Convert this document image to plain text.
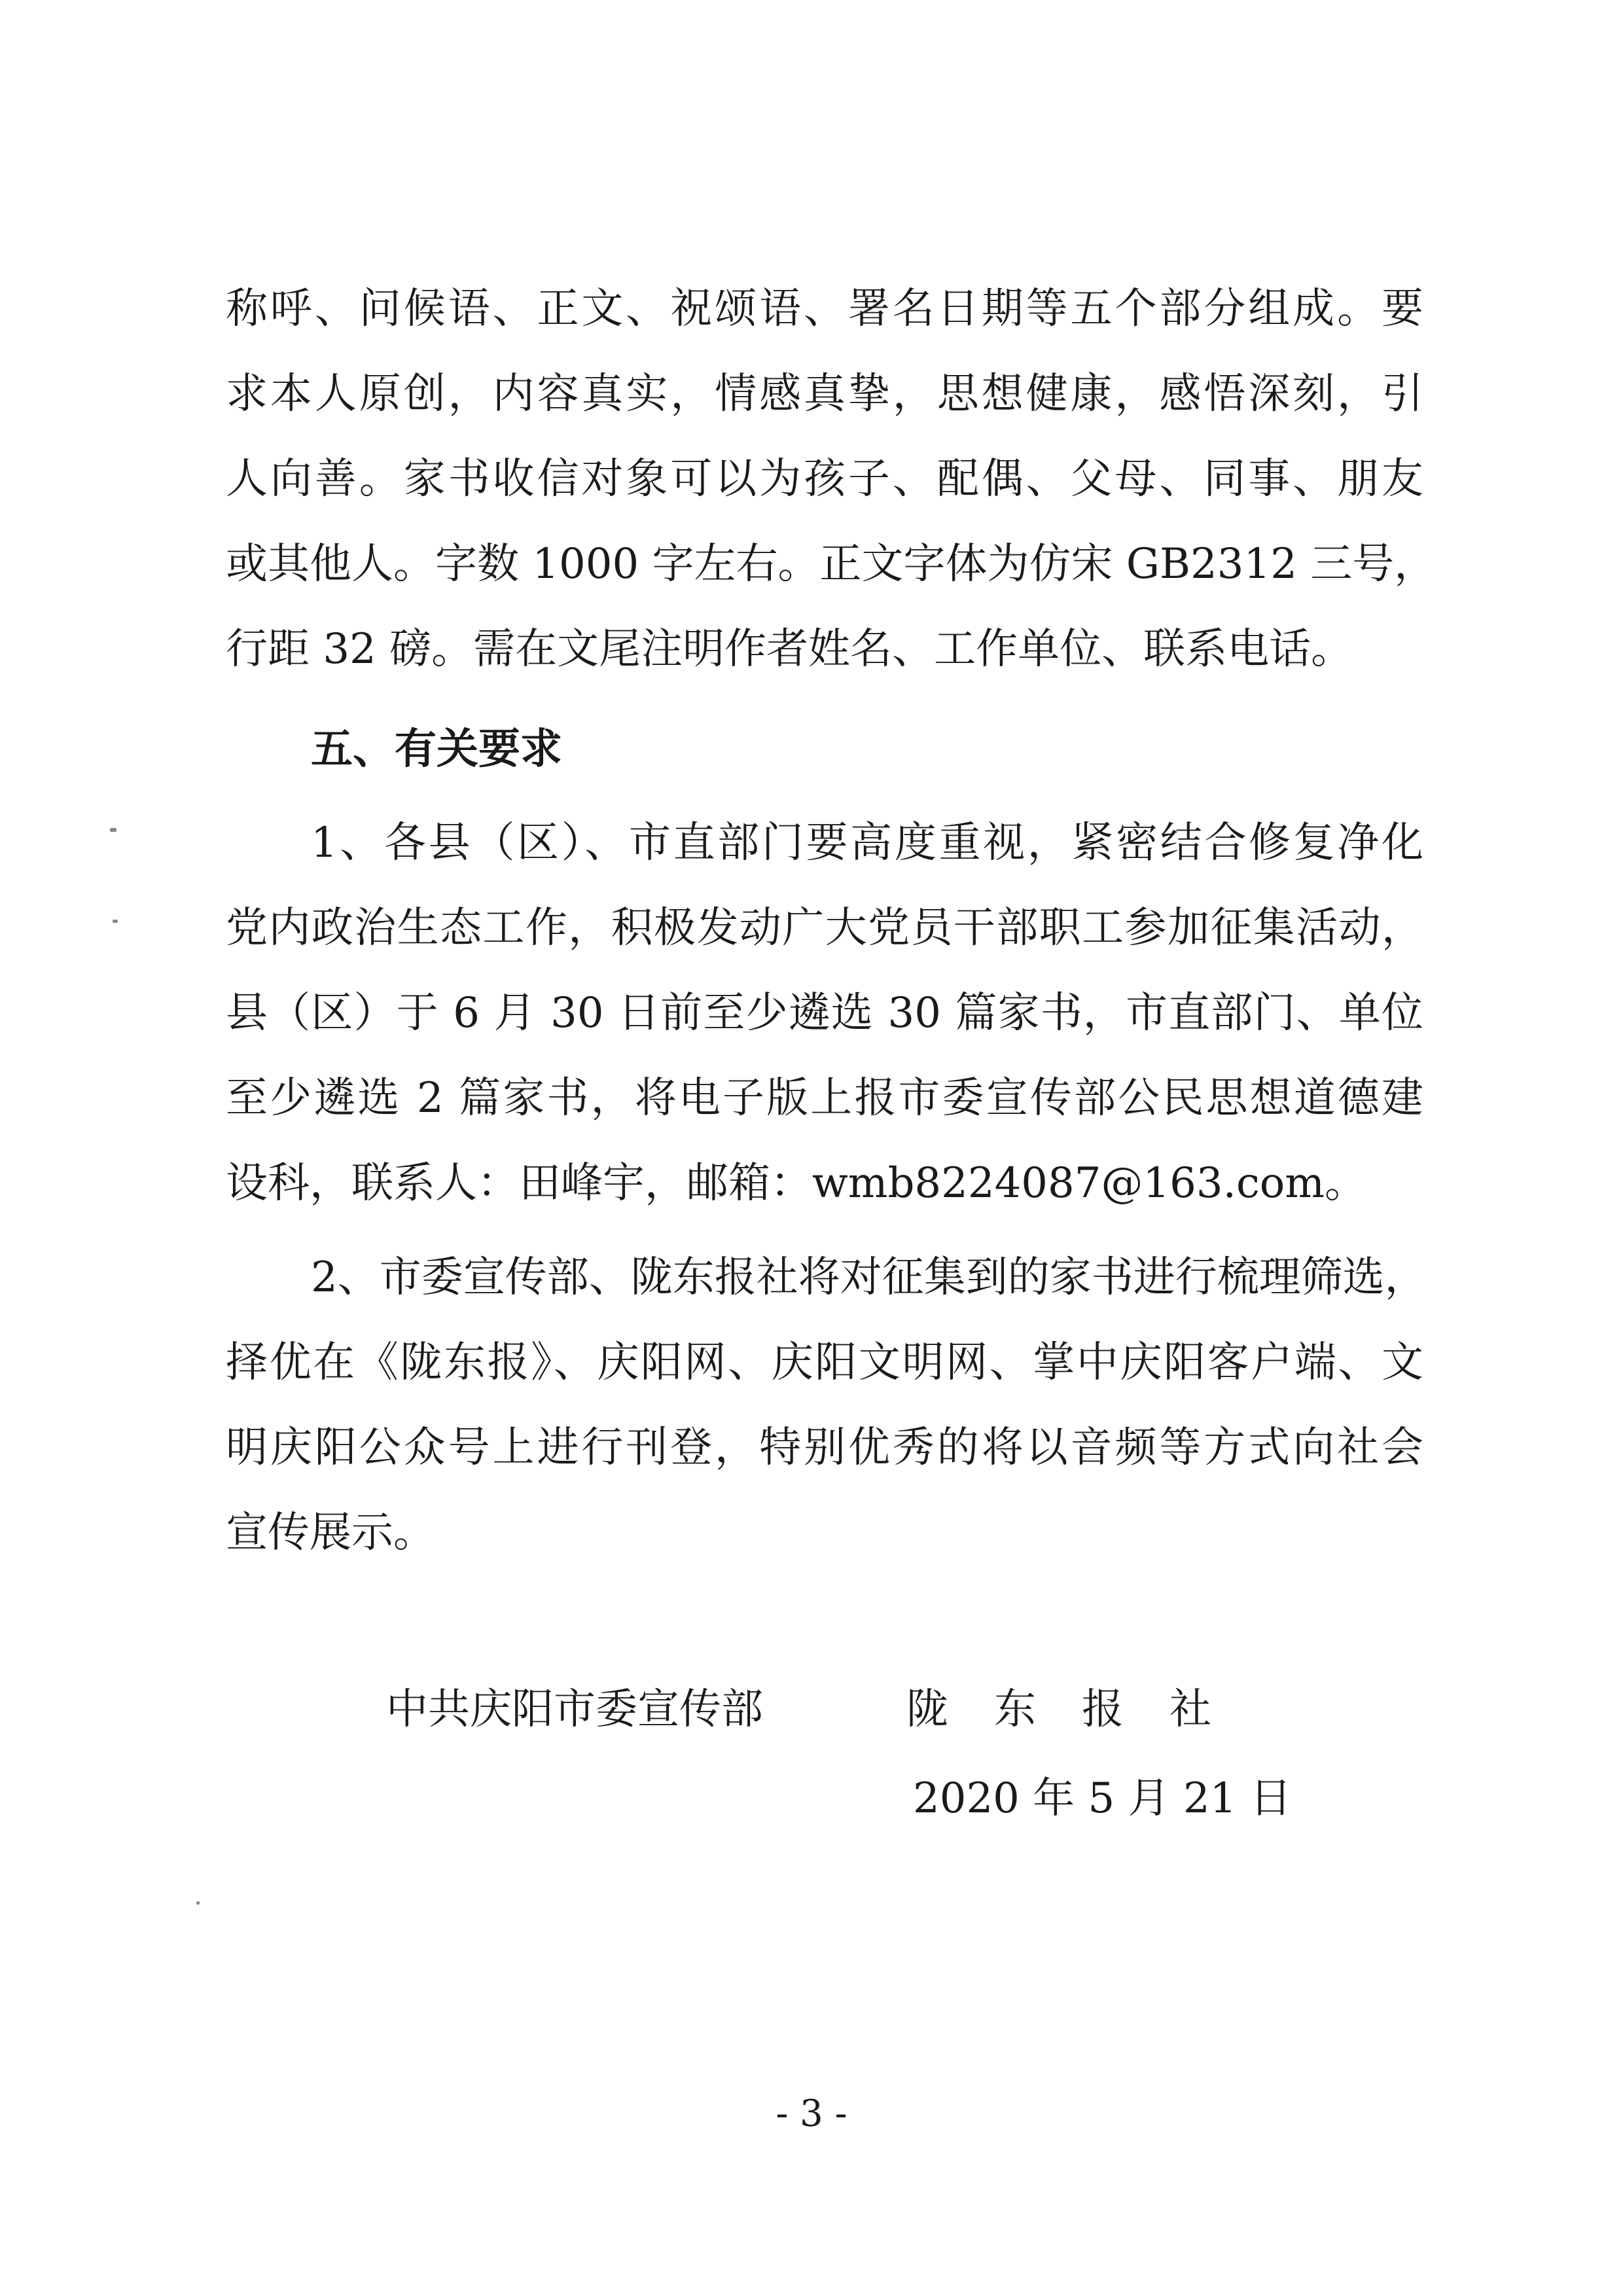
称呼、问候语、正文、祝颂语、署名日期等五个部分组成。要
求本人原创，内容真实，情感真挚，思想健康，感悟深刻，引
人向善。家书收信对象可以为孩子、配偶、父母、同事、朋友
或其他人。字数 1000 字左右。正文字体为仿宋 GB2312 三号，
行距 32 磅。需在文尾注明作者姓名、工作单位、联系电话。
五、有关要求
1、各县（区）、市直部门要高度重视，紧密结合修复净化
党内政治生态工作，积极发动广大党员干部职工参加征集活动，
县（区）于 6 月 30 日前至少遴选 30 篇家书，市直部门、单位
至少遴选 2 篇家书，将电子版上报市委宣传部公民思想道德建
设科，联系人：田峰宇，邮箱：wmb8224087@163.com。
2、市委宣传部、陇东报社将对征集到的家书进行梳理筛选，
择优在《陇东报》、庆阳网、庆阳文明网、掌中庆阳客户端、文
明庆阳公众号上进行刊登，特别优秀的将以音频等方式向社会
宣传展示。
中共庆阳市委宣传部	陇东报社
2020 年 5 月 21 日
- 3 -
